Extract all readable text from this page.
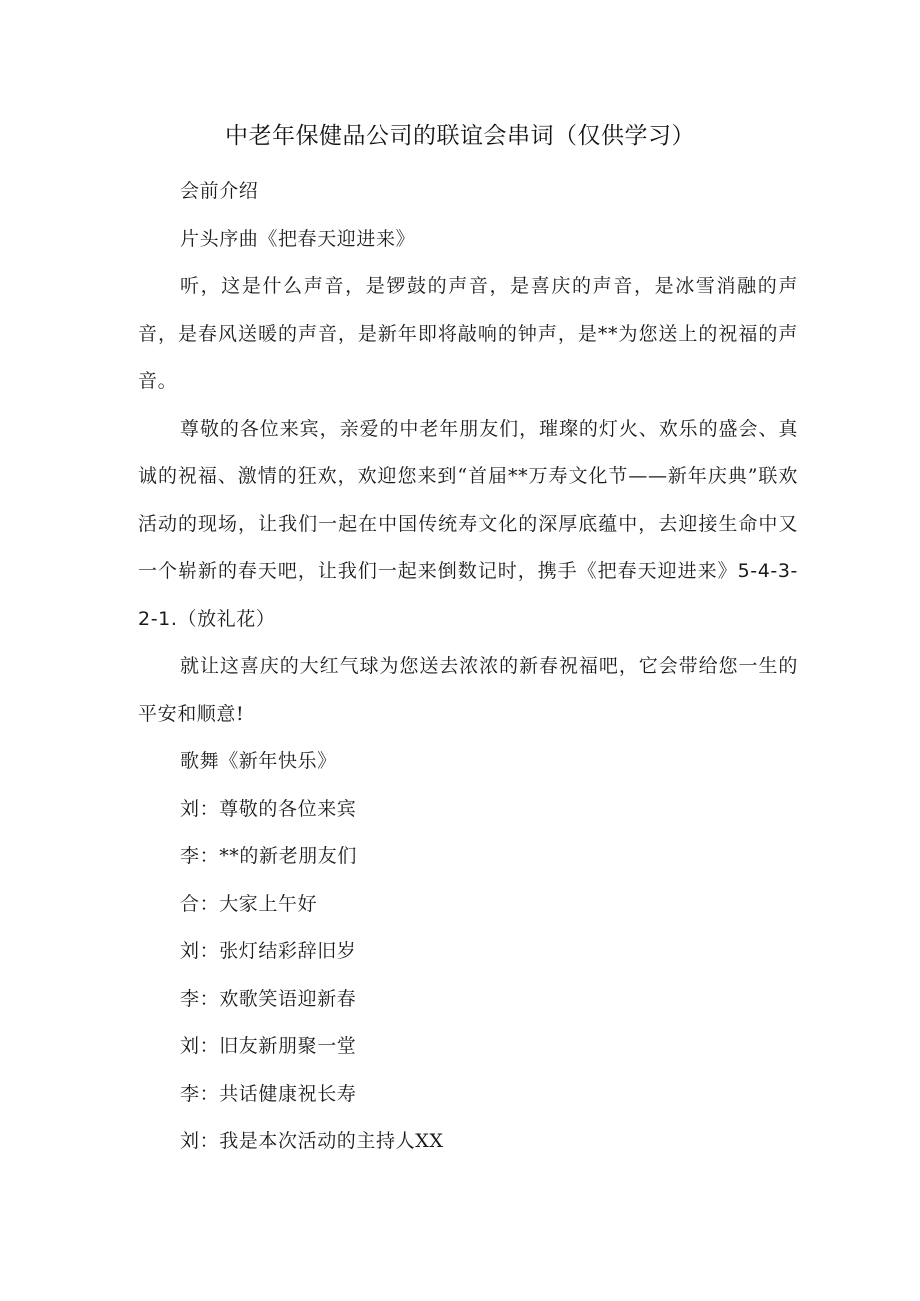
中老年保健品公司的联谊会串词（仅供学习）

会前介绍

片头序曲《把春天迎进来》

听，这是什么声音，是锣鼓的声音，是喜庆的声音，是冰雪消融的声音，是春风送暖的声音，是新年即将敲响的钟声，是**为您送上的祝福的声音。

尊敬的各位来宾，亲爱的中老年朋友们，璀璨的灯火、欢乐的盛会、真诚的祝福、激情的狂欢，欢迎您来到“首届**万寿文化节——新年庆典”联欢活动的现场，让我们一起在中国传统寿文化的深厚底蕴中，去迎接生命中又一个崭新的春天吧，让我们一起来倒数记时，携手《把春天迎进来》5-4-3-2-1.（放礼花）

就让这喜庆的大红气球为您送去浓浓的新春祝福吧，它会带给您一生的平安和顺意!

歌舞《新年快乐》

刘：尊敬的各位来宾

李：**的新老朋友们

合：大家上午好

刘：张灯结彩辞旧岁

李：欢歌笑语迎新春

刘：旧友新朋聚一堂

李：共话健康祝长寿

刘：我是本次活动的主持人XX
